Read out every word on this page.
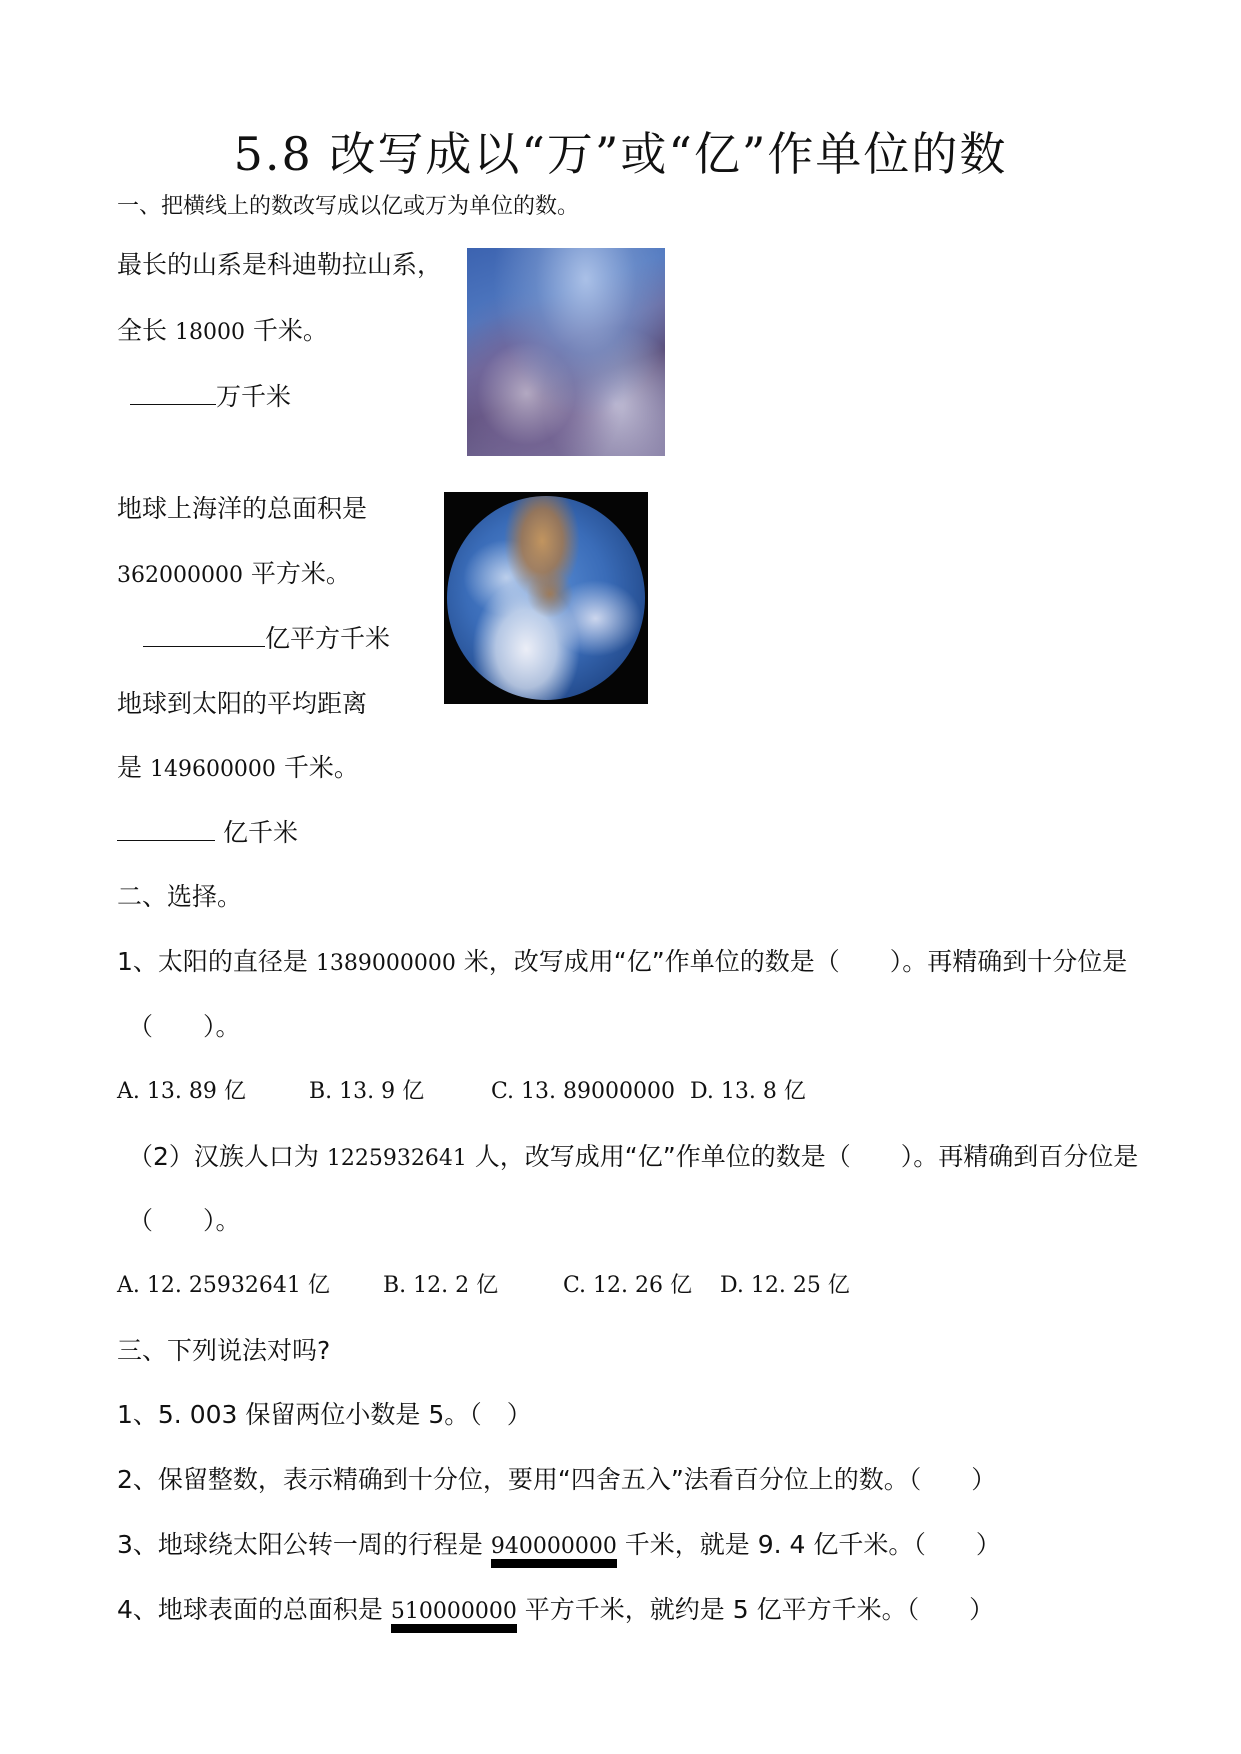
5.8 改写成以“万”或“亿”作单位的数
一、把横线上的数改写成以亿或万为单位的数。
最长的山系是科迪勒拉山系，
全长 18000 千米。
万千米
地球上海洋的总面积是
362000000 平方米。
亿平方千米
地球到太阳的平均距离
是 149600000 千米。
亿千米
二、选择。
1、太阳的直径是 1389000000 米，改写成用“亿”作单位的数是（　　）。再精确到十分位是
（　　）。
A. 13. 89 亿	B. 13. 9 亿	C. 13. 89000000 D. 13. 8 亿
（2）汉族人口为 1225932641 人，改写成用“亿”作单位的数是（　　）。再精确到百分位是
（　　）。
A. 12. 25932641 亿 B. 12. 2 亿	C. 12. 26 亿 D. 12. 25 亿
三、下列说法对吗?
1、5. 003 保留两位小数是 5。（　）
2、保留整数，表示精确到十分位，要用“四舍五入”法看百分位上的数。（　　）
3、地球绕太阳公转一周的行程是 940000000 千米，就是 9. 4 亿千米。（　　）
4、地球表面的总面积是 510000000 平方千米，就约是 5 亿平方千米。（　　）
